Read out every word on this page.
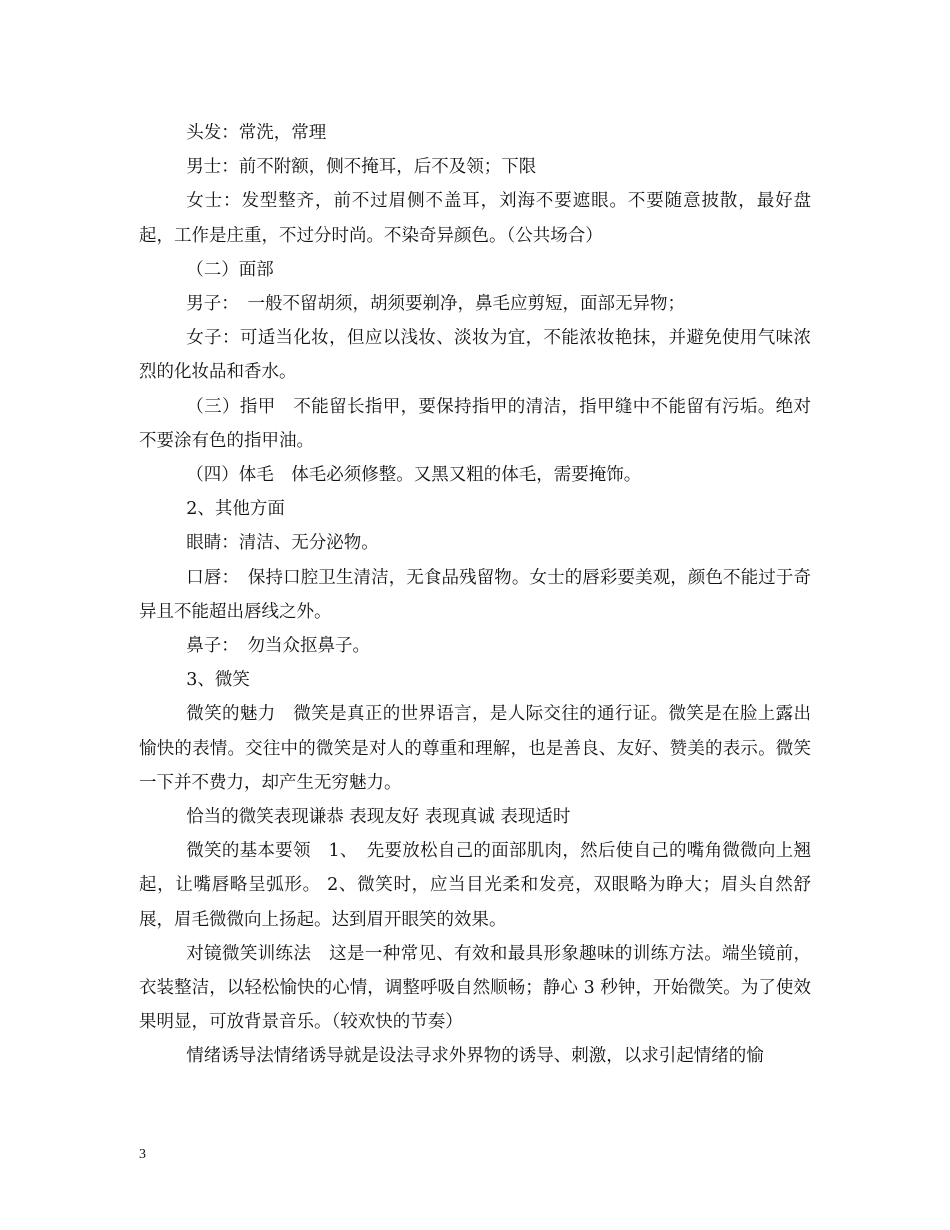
头发：常洗，常理

男士：前不附额，侧不掩耳，后不及领；下限

女士：发型整齐，前不过眉侧不盖耳，刘海不要遮眼。不要随意披散，最好盘起，工作是庄重，不过分时尚。不染奇异颜色。（公共场合）

（二）面部

男子：　一般不留胡须，胡须要剃净，鼻毛应剪短，面部无异物；

女子：可适当化妆，但应以浅妆、淡妆为宜，不能浓妆艳抹，并避免使用气味浓烈的化妆品和香水。

（三）指甲　不能留长指甲，要保持指甲的清洁，指甲缝中不能留有污垢。绝对不要涂有色的指甲油。

（四）体毛　体毛必须修整。又黑又粗的体毛，需要掩饰。

2、其他方面

眼睛：清洁、无分泌物。

口唇：　保持口腔卫生清洁，无食品残留物。女士的唇彩要美观，颜色不能过于奇异且不能超出唇线之外。

鼻子：　勿当众抠鼻子。

3、微笑

微笑的魅力　微笑是真正的世界语言，是人际交往的通行证。微笑是在脸上露出愉快的表情。交往中的微笑是对人的尊重和理解，也是善良、友好、赞美的表示。微笑一下并不费力，却产生无穷魅力。

恰当的微笑表现谦恭 表现友好 表现真诚 表现适时

微笑的基本要领　1、　先要放松自己的面部肌肉，然后使自己的嘴角微微向上翘起，让嘴唇略呈弧形。 2、微笑时，应当目光柔和发亮，双眼略为睁大；眉头自然舒展，眉毛微微向上扬起。达到眉开眼笑的效果。

对镜微笑训练法　这是一种常见、有效和最具形象趣味的训练方法。端坐镜前，衣装整洁，以轻松愉快的心情，调整呼吸自然顺畅；静心 3 秒钟，开始微笑。为了使效果明显，可放背景音乐。（较欢快的节奏）

情绪诱导法情绪诱导就是设法寻求外界物的诱导、刺激，以求引起情绪的愉

3
